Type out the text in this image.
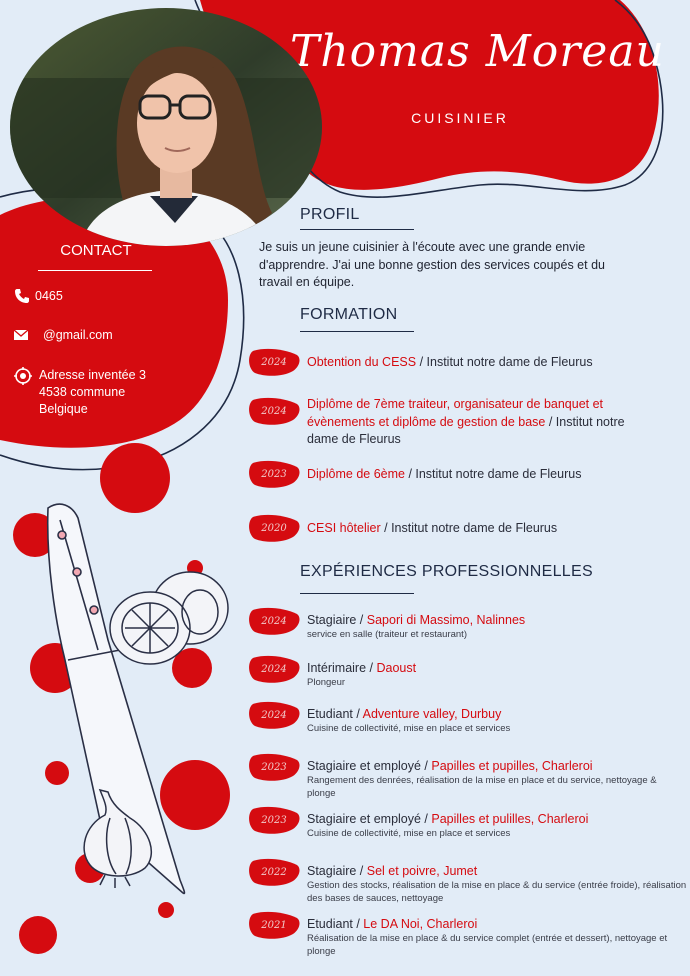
Thomas Moreau
CUISINIER
CONTACT
0465
@gmail.com
Adresse inventée 3
4538 commune
Belgique
PROFIL
Je suis un jeune cuisinier à l'écoute avec une grande envie d'apprendre. J'ai une bonne gestion des services coupés et du travail en équipe.
FORMATION
2024 Obtention du CESS / Institut notre dame de Fleurus
2024 Diplôme de 7ème traiteur, organisateur de banquet et évènements et diplôme de gestion de base / Institut notre dame de Fleurus
2023 Diplôme de 6ème / Institut notre dame de Fleurus
2020 CESI hôtelier / Institut notre dame de Fleurus
EXPÉRIENCES PROFESSIONNELLES
2024 Stagiaire / Sapori di Massimo, Nalinnes
service en salle (traiteur et restaurant)
2024 Intérimaire / Daoust
Plongeur
2024 Etudiant / Adventure valley, Durbuy
Cuisine de collectivité, mise en place et services
2023 Stagiaire et employé / Papilles et pupilles, Charleroi
Rangement des denrées, réalisation de la mise en place et du service, nettoyage & plonge
2023 Stagiaire et employé / Papilles et pulilles, Charleroi
Cuisine de collectivité, mise en place et services
2022 Stagiaire / Sel et poivre, Jumet
Gestion des stocks, réalisation de la mise en place & du service (entrée froide), réalisation des bases de sauces, nettoyage
2021 Etudiant / Le DA Noi, Charleroi
Réalisation de la mise en place & du service complet (entrée et dessert), nettoyage et plonge
